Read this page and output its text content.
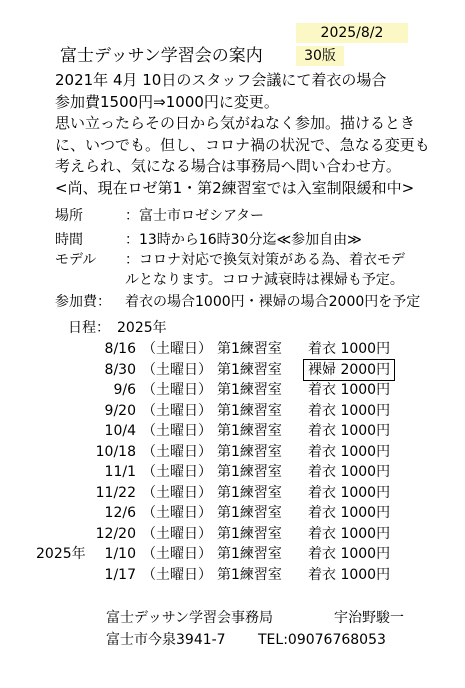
2025/8/2
富士デッサン学習会の案内	30版
2021年 4月 10日のスタッフ会議にて着衣の場合
参加費1500円⇒1000円に変更。
思い立ったらその日から気がねなく参加。描けるとき
に、いつでも。但し、コロナ禍の状況で、急なる変更も
考えられ、気になる場合は事務局へ問い合わせ方。
<尚、現在ロゼ第1・第2練習室では入室制限緩和中>
場所	：富士市ロゼシアター
時間	：13時から16時30分迄≪参加自由≫
モデル ：コロナ対応で換気対策がある為、着衣モデ
ルとなります。コロナ減衰時は裸婦も予定。
参加費： 着衣の場合1000円・裸婦の場合2000円を予定
日程：　2025年
8/16 （土曜日） 第1練習室 着衣 1000円
8/30 （土曜日） 第1練習室 裸婦 2000円
9/6 （土曜日） 第1練習室 着衣 1000円
9/20 （土曜日） 第1練習室 着衣 1000円
10/4 （土曜日） 第1練習室 着衣 1000円
10/18 （土曜日） 第1練習室 着衣 1000円
11/1 （土曜日） 第1練習室 着衣 1000円
11/22 （土曜日） 第1練習室 着衣 1000円
12/6 （土曜日） 第1練習室 着衣 1000円
12/20 （土曜日） 第1練習室 着衣 1000円
2025年	1/10 （土曜日） 第1練習室 着衣 1000円
1/17 （土曜日） 第1練習室 着衣 1000円
富士デッサン学習会事務局	宇治野駿一
富士市今泉3941-7 TEL:09076768053
